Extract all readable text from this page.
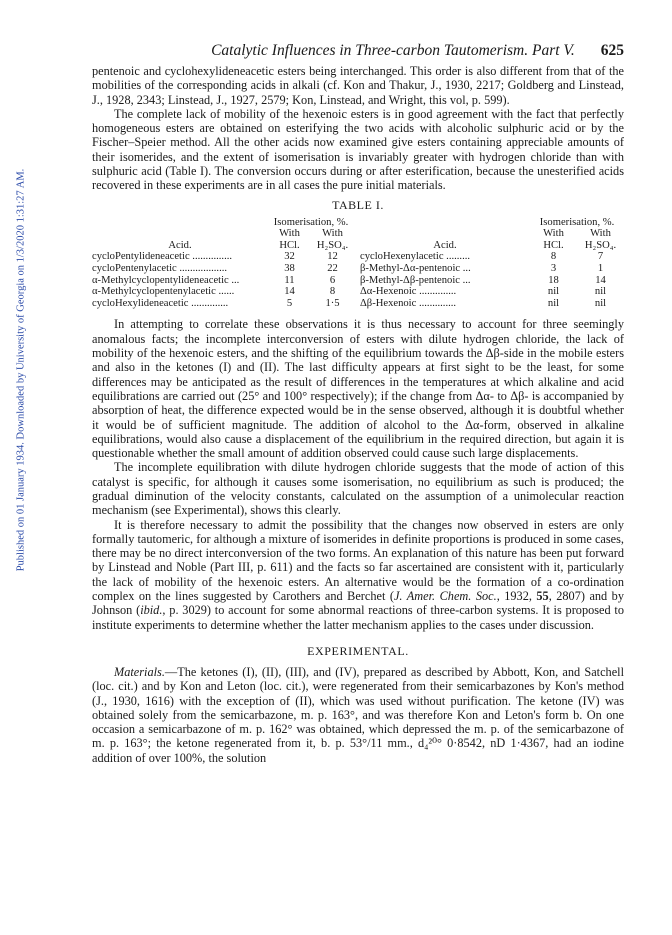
Published on 01 January 1934. Downloaded by University of Georgia on 1/3/2020 1:31:27 AM.
Catalytic Influences in Three-carbon Tautomerism. Part V. 625

pentenoic and cyclohexylideneacetic esters being interchanged. This order is also different from that of the mobilities of the corresponding acids in alkali (cf. Kon and Thakur, J., 1930, 2217; Goldberg and Linstead, J., 1928, 2343; Linstead, J., 1927, 2579; Kon, Linstead, and Wright, this vol, p. 599).

The complete lack of mobility of the hexenoic esters is in good agreement with the fact that perfectly homogeneous esters are obtained on esterifying the two acids with alcoholic sulphuric acid or by the Fischer–Speier method. All the other acids now examined give esters containing appreciable amounts of their isomerides, and the extent of isomerisation is invariably greater with hydrogen chloride than with sulphuric acid (Table I). The conversion occurs during or after esterification, because the unesterified acids recovered in these experiments are in all cases the pure initial materials.

TABLE I.
	Isomerisation, %.	
	With	With
Acid.	HCl.	H₂SO₄.
cycloPentylideneacetic ...............	32	12
cycloPentenylacetic ..................	38	22
α-Methylcyclopentylideneacetic ...	11	6
α-Methylcyclopentenylacetic ......	14	8
cycloHexylideneacetic ..............	5	1·5
	Isomerisation, %.	
	With	With
Acid.	HCl.	H₂SO₄.
cycloHexenylacetic .........	8	7
β-Methyl-Δα-pentenoic ...	3	1
β-Methyl-Δβ-pentenoic ...	18	14
Δα-Hexenoic ..............	nil	nil
Δβ-Hexenoic ..............	nil	nil

In attempting to correlate these observations it is thus necessary to account for three seemingly anomalous facts; the incomplete interconversion of esters with dilute hydrogen chloride, the lack of mobility of the hexenoic esters, and the shifting of the equilibrium towards the Δβ-side in the mobile esters and also in the ketones (I) and (II). The last difficulty appears at first sight to be the least, for some differences may be anticipated as the result of differences in the temperatures at which alkaline and acid equilibrations are carried out (25° and 100° respectively); if the change from Δα- to Δβ- is accompanied by absorption of heat, the difference expected would be in the sense observed, although it is doubtful whether it would be of sufficient magnitude. The addition of alcohol to the Δα-form, observed in alkaline equilibrations, would also cause a displacement of the equilibrium in the required direction, but again it is questionable whether the small amount of addition observed could cause such large displacements.

The incomplete equilibration with dilute hydrogen chloride suggests that the mode of action of this catalyst is specific, for although it causes some isomerisation, no equilibrium as such is produced; the gradual diminution of the velocity constants, calculated on the assumption of a unimolecular reaction mechanism (see Experimental), shows this clearly.

It is therefore necessary to admit the possibility that the changes now observed in esters are only formally tautomeric, for although a mixture of isomerides in definite proportions is produced in some cases, there may be no direct interconversion of the two forms. An explanation of this nature has been put forward by Linstead and Noble (Part III, p. 611) and the facts so far ascertained are consistent with it, particularly the lack of mobility of the hexenoic esters. An alternative would be the formation of a co-ordination complex on the lines suggested by Carothers and Berchet (J. Amer. Chem. Soc., 1932, 55, 2807) and by Johnson (ibid., p. 3029) to account for some abnormal reactions of three-carbon systems. It is proposed to institute experiments to determine whether the latter mechanism applies to the cases under discussion.

EXPERIMENTAL.

Materials.—The ketones (I), (II), (III), and (IV), prepared as described by Abbott, Kon, and Satchell (loc. cit.) and by Kon and Leton (loc. cit.), were regenerated from their semicarbazones by Kon's method (J., 1930, 1616) with the exception of (II), which was used without purification. The ketone (IV) was obtained solely from the semicarbazone, m. p. 163°, and was therefore Kon and Leton's form b. On one occasion a semicarbazone of m. p. 162° was obtained, which depressed the m. p. of the semicarbazone of m. p. 163°; the ketone regenerated from it, b. p. 53°/11 mm., d₄²⁰° 0·8542, nD 1·4367, had an iodine addition of over 100%, the solution
